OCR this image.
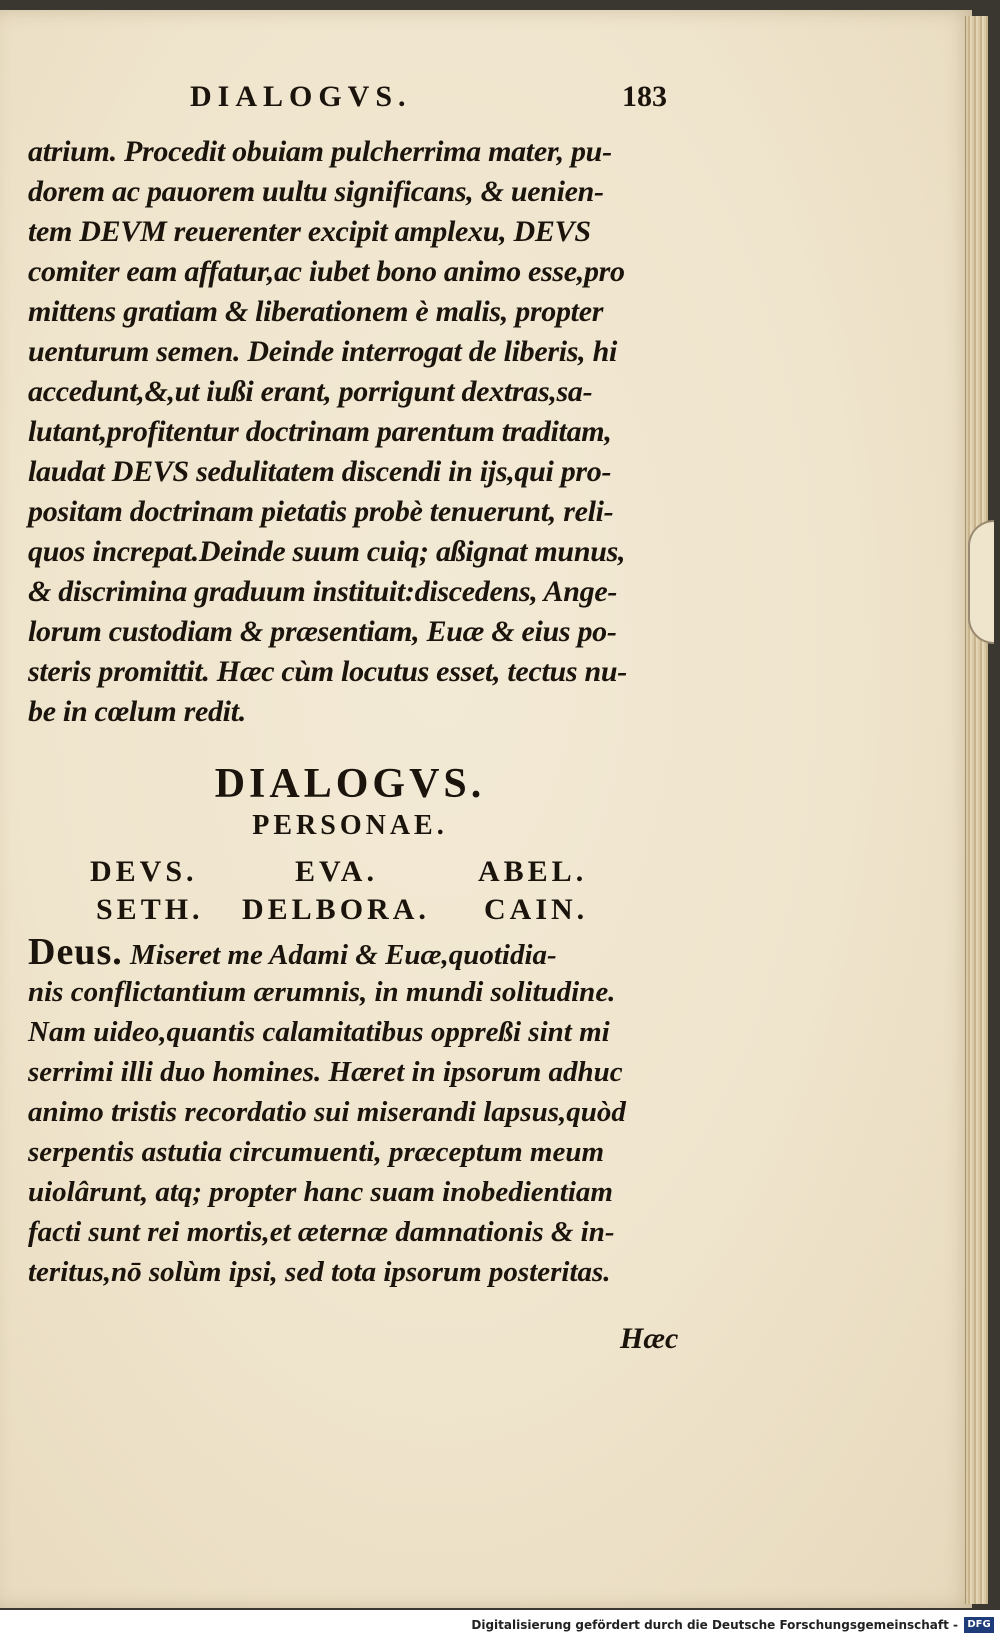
DIALOGVS.	183
atrium. Procedit obuiam pulcherrima mater, pu-
dorem ac pauorem uultu significans, & uenien-
tem DEVM reuerenter excipit amplexu, DEVS
comiter eam affatur,ac iubet bono animo esse,pro
mittens gratiam & liberationem è malis, propter
uenturum semen. Deinde interrogat de liberis, hi
accedunt,&,ut iußi erant, porrigunt dextras,sa-
lutant,profitentur doctrinam parentum traditam,
laudat DEVS sedulitatem discendi in ijs,qui pro-
positam doctrinam pietatis probè tenuerunt, reli-
quos increpat.Deinde suum cuiq; aßignat munus,
& discrimina graduum instituit:discedens, Ange-
lorum custodiam & præsentiam, Euæ & eius po-
steris promittit. Hæc cùm locutus esset, tectus nu-
be in cœlum redit.
DIALOGVS.
PERSONAE.
DEVS.	EVA.	ABEL.
SETH. DELBORA. CAIN.
Deus. Miseret me Adami & Euæ,quotidia-
nis conflictantium ærumnis, in mundi solitudine.
Nam uideo,quantis calamitatibus oppreßi sint mi
serrimi illi duo homines. Hæret in ipsorum adhuc
animo tristis recordatio sui miserandi lapsus,quòd
serpentis astutia circumuenti, præceptum meum
uiolârunt, atq; propter hanc suam inobedientiam
facti sunt rei mortis,et æternæ damnationis & in-
teritus,nō solùm ipsi, sed tota ipsorum posteritas.
Hæc
Digitalisierung gefördert durch die Deutsche Forschungsgemeinschaft - DFG
